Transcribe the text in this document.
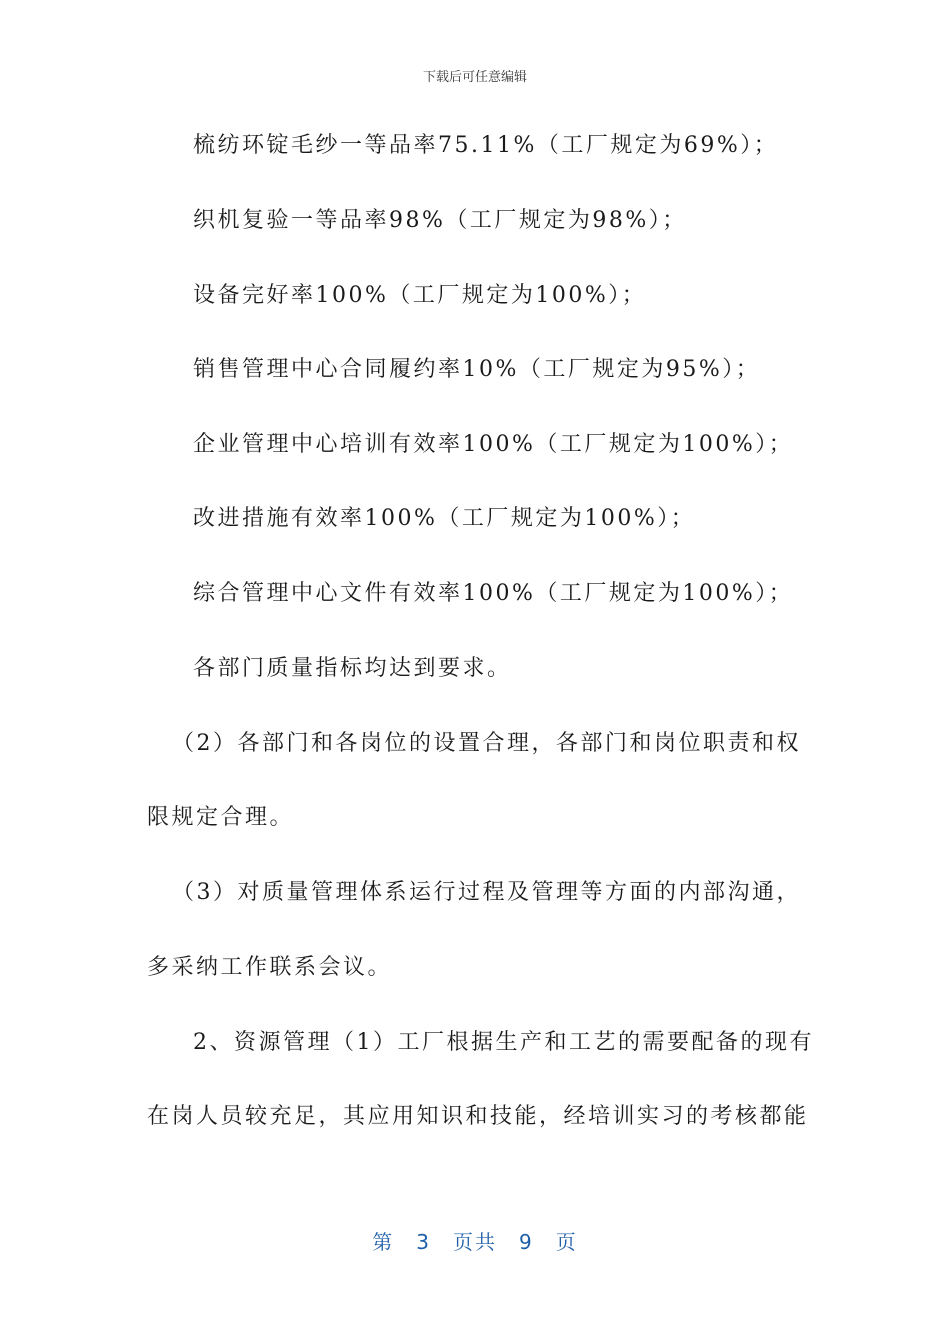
下载后可任意编辑
梳纺环锭毛纱一等品率75.11%（工厂规定为69%）；
织机复验一等品率98%（工厂规定为98%）；
设备完好率100%（工厂规定为100%）；
销售管理中心合同履约率10%（工厂规定为95%）；
企业管理中心培训有效率100%（工厂规定为100%）；
改进措施有效率100%（工厂规定为100%）；
综合管理中心文件有效率100%（工厂规定为100%）；
各部门质量指标均达到要求。
（2）各部门和各岗位的设置合理，各部门和岗位职责和权
限规定合理。
（3）对质量管理体系运行过程及管理等方面的内部沟通，
多采纳工作联系会议。
2、资源管理（1）工厂根据生产和工艺的需要配备的现有
在岗人员较充足，其应用知识和技能，经培训实习的考核都能
第 3 页共 9 页
